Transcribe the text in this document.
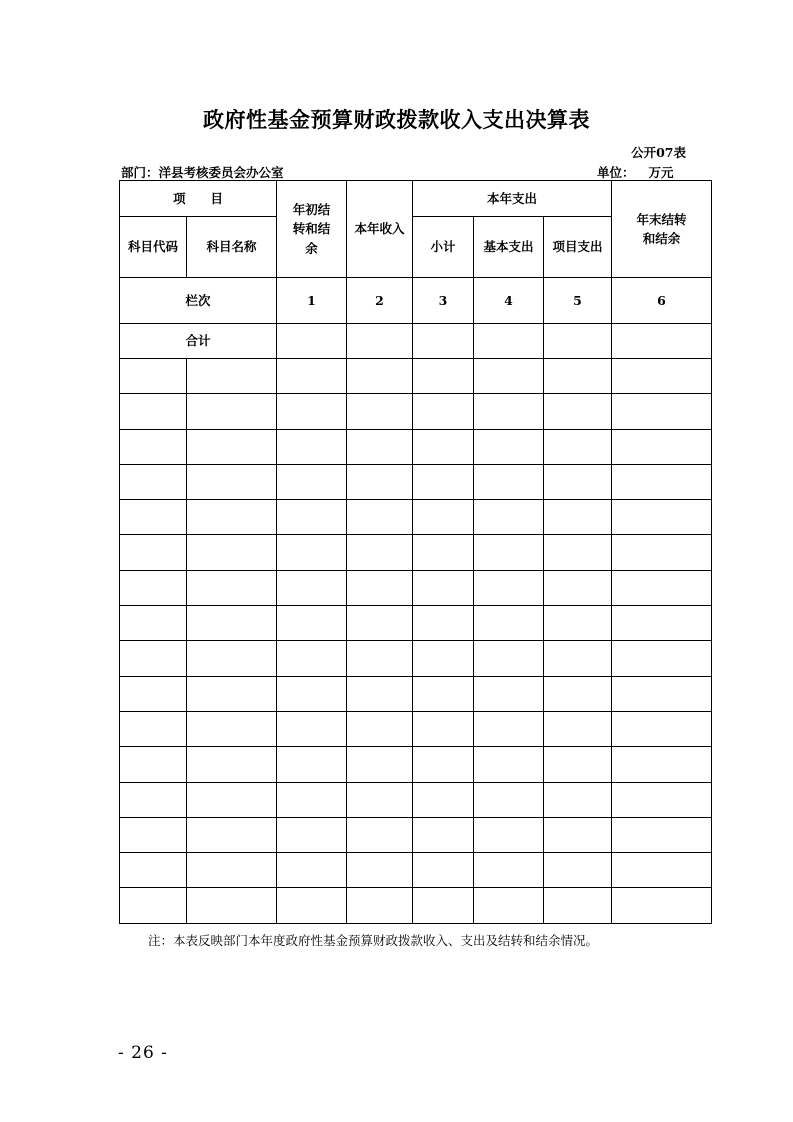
政府性基金预算财政拨款收入支出决算表
公开07表
部门：洋县考核委员会办公室	单位： 万元
项　　目		年初结转和结余	本年收入	本年支出			年末结转和结余
科目代码	科目名称			小计	基本支出	项目支出	
栏次		1	2	3	4	5	6
合计							

注：本表反映部门本年度政府性基金预算财政拨款收入、支出及结转和结余情况。
- 26 -
